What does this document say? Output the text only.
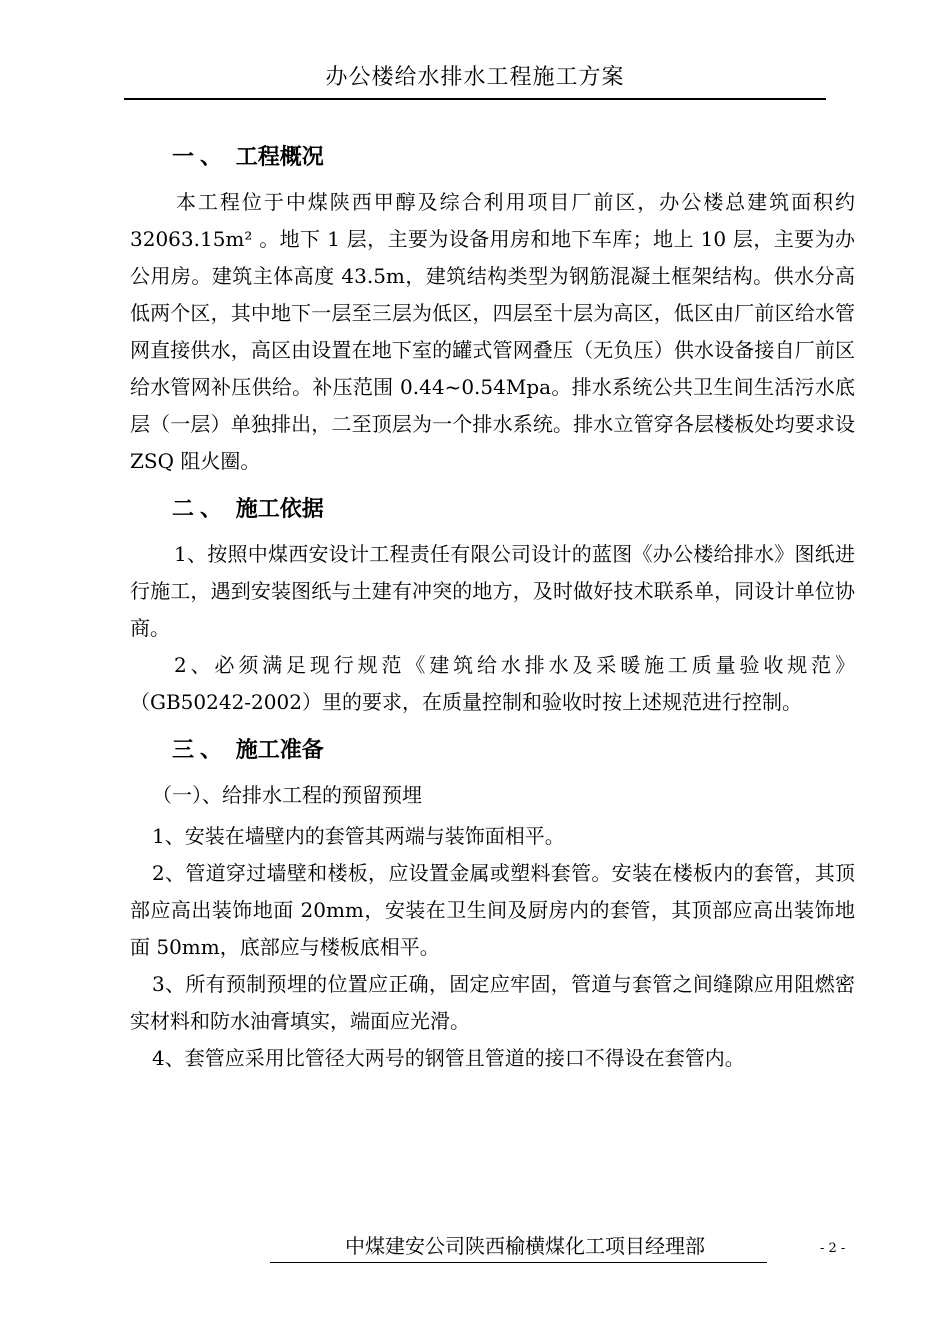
办公楼给水排水工程施工方案
一、 工程概况

本工程位于中煤陕西甲醇及综合利用项目厂前区，办公楼总建筑面积约 32063.15m² 。地下 1 层，主要为设备用房和地下车库；地上 10 层，主要为办公用房。建筑主体高度 43.5m，建筑结构类型为钢筋混凝土框架结构。供水分高低两个区，其中地下一层至三层为低区，四层至十层为高区，低区由厂前区给水管网直接供水，高区由设置在地下室的罐式管网叠压（无负压）供水设备接自厂前区给水管网补压供给。补压范围 0.44~0.54Mpa。排水系统公共卫生间生活污水底层（一层）单独排出，二至顶层为一个排水系统。排水立管穿各层楼板处均要求设 ZSQ 阻火圈。

二、 施工依据

1、按照中煤西安设计工程责任有限公司设计的蓝图《办公楼给排水》图纸进行施工，遇到安装图纸与土建有冲突的地方，及时做好技术联系单，同设计单位协商。

2、必须满足现行规范《建筑给水排水及采暖施工质量验收规范》（GB50242-2002）里的要求，在质量控制和验收时按上述规范进行控制。

三、 施工准备

（一）、给排水工程的预留预埋

1、安装在墙壁内的套管其两端与装饰面相平。

2、管道穿过墙壁和楼板，应设置金属或塑料套管。安装在楼板内的套管，其顶部应高出装饰地面 20mm，安装在卫生间及厨房内的套管，其顶部应高出装饰地面 50mm，底部应与楼板底相平。

3、所有预制预埋的位置应正确，固定应牢固，管道与套管之间缝隙应用阻燃密实材料和防水油膏填实，端面应光滑。

4、套管应采用比管径大两号的钢管且管道的接口不得设在套管内。

中煤建安公司陕西榆横煤化工项目经理部	- 2 -
